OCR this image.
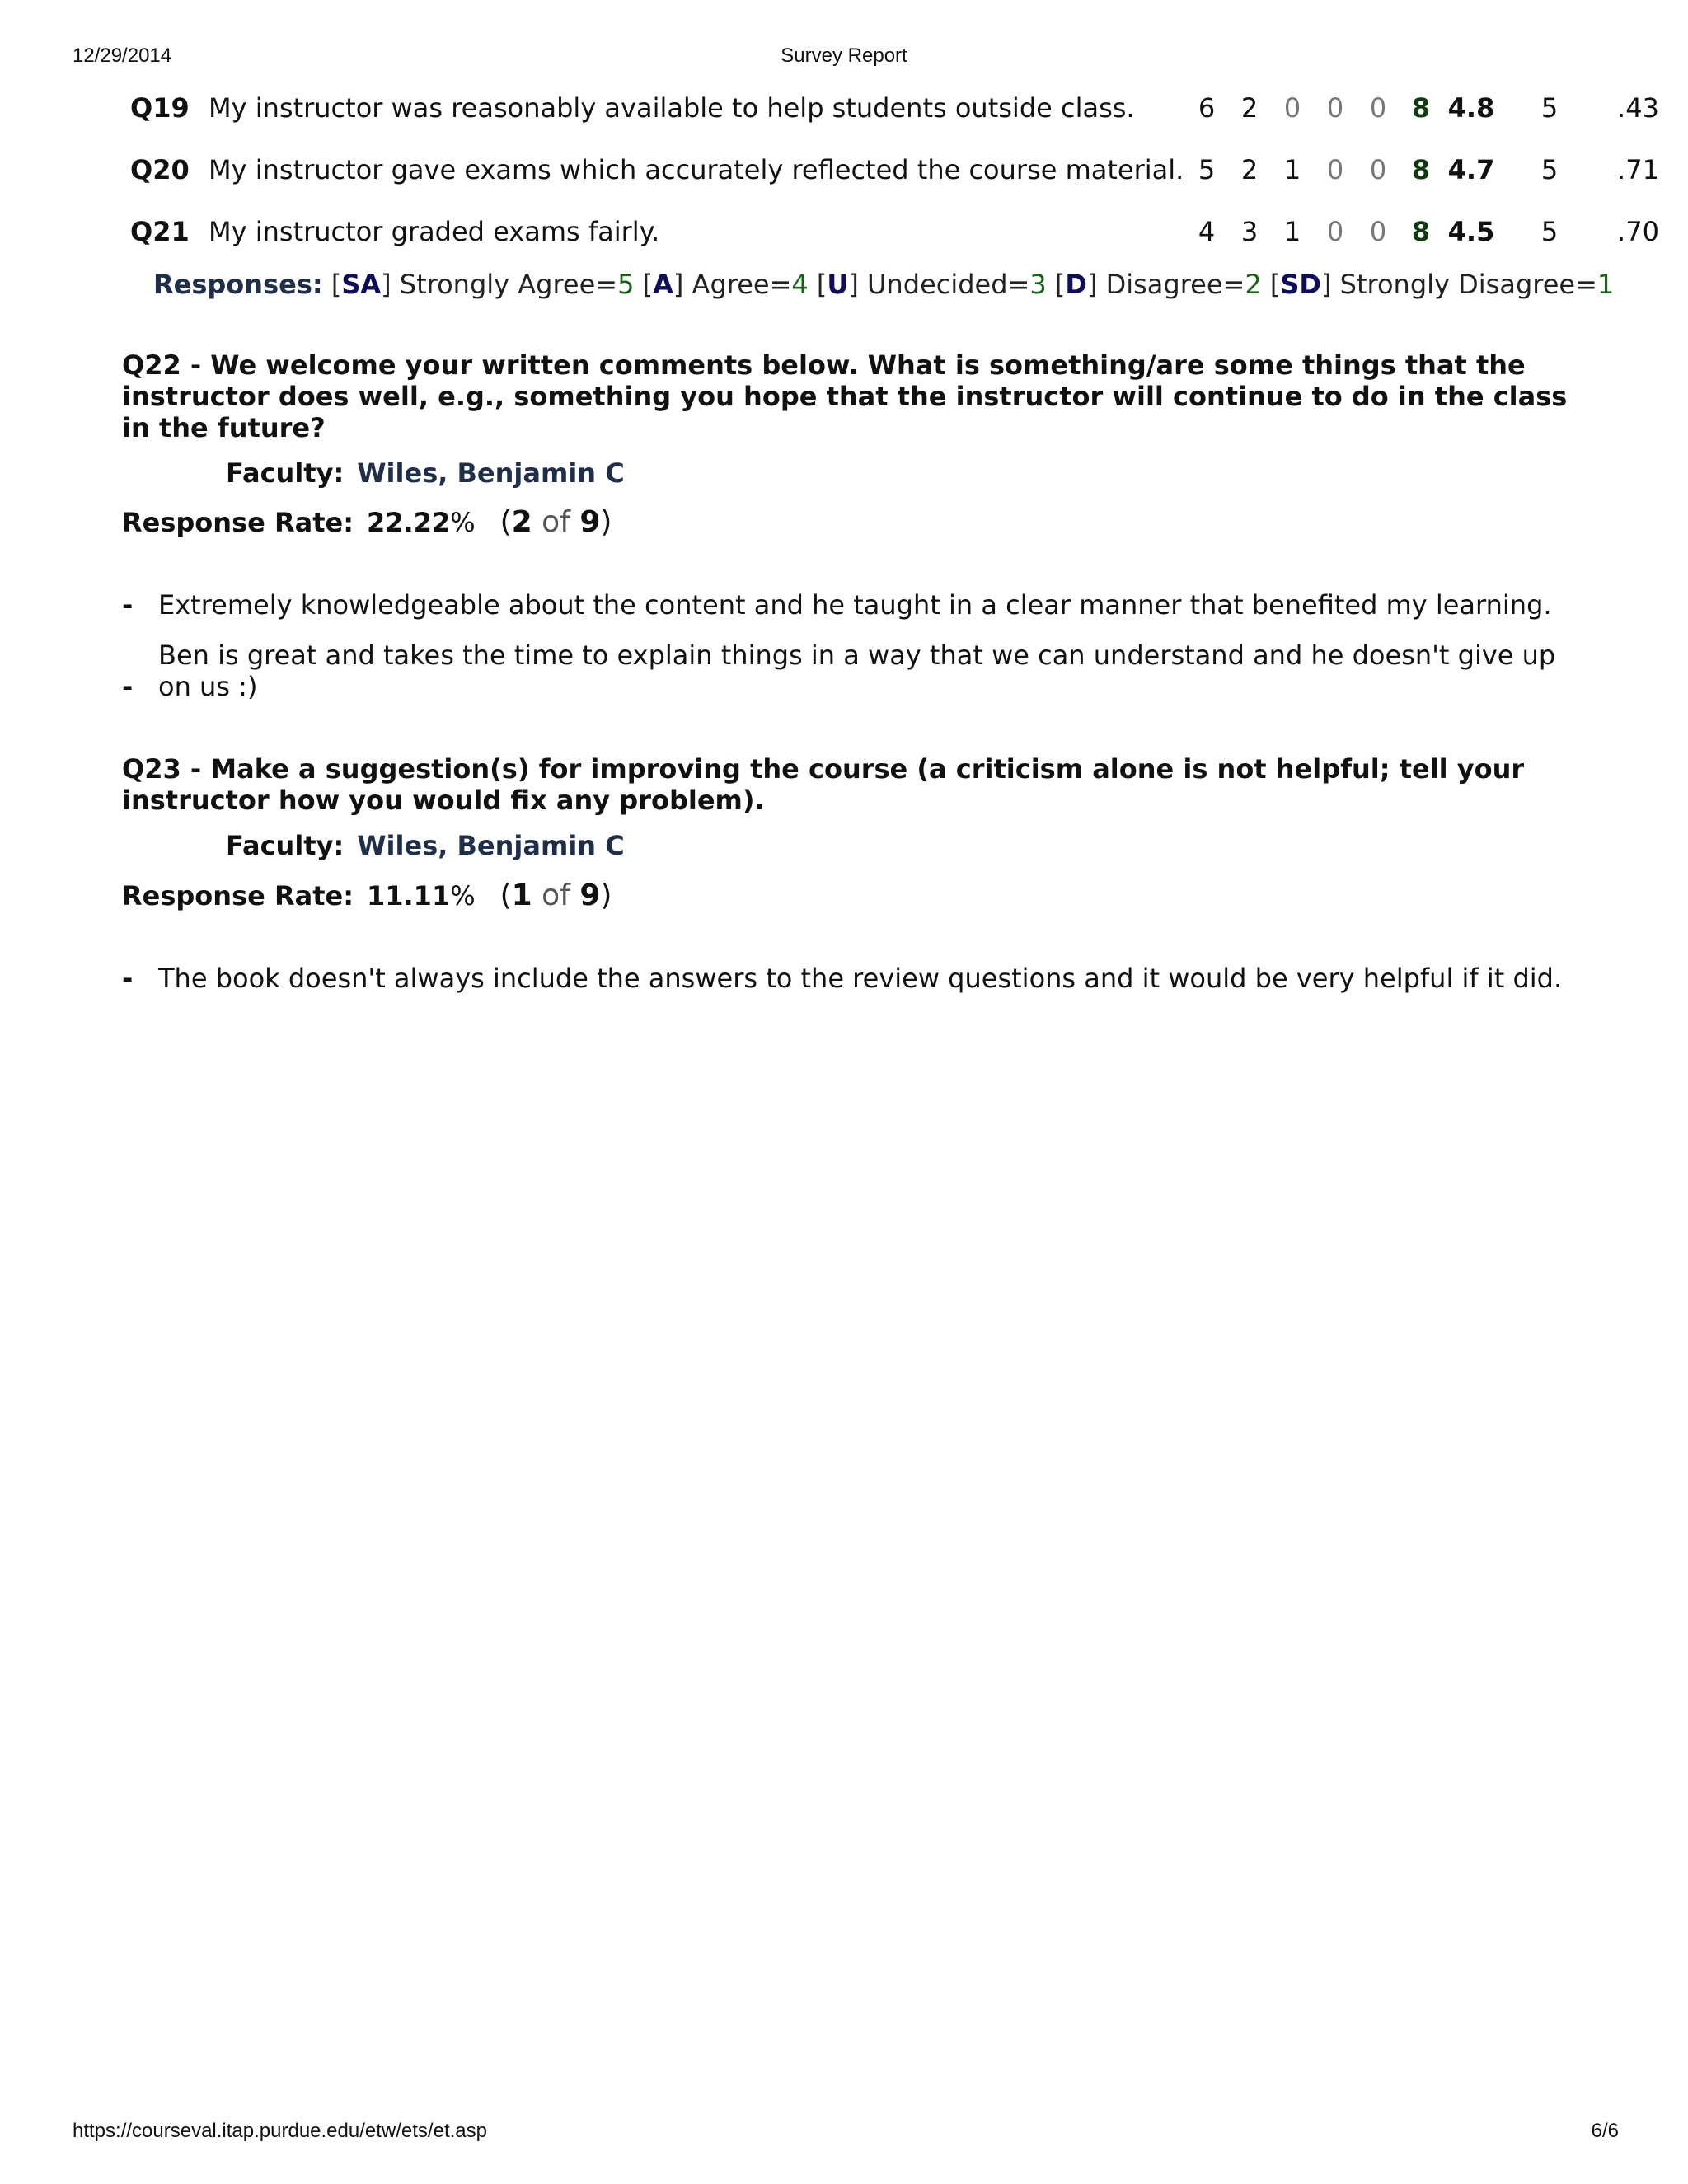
12/29/2014	Survey Report
Q19	My instructor was reasonably available to help students outside class.	6	2	0	0	0	8	4.8	5	.43
Q20	My instructor gave exams which accurately reflected the course material.	5	2	1	0	0	8	4.7	5	.71
Q21	My instructor graded exams fairly.	4	3	1	0	0	8	4.5	5	.70
Responses: [SA] Strongly Agree=5 [A] Agree=4 [U] Undecided=3 [D] Disagree=2 [SD] Strongly Disagree=1
Q22 - We welcome your written comments below. What is something/are some things that the instructor does well, e.g., something you hope that the instructor will continue to do in the class in the future?
Faculty: Wiles, Benjamin C
Response Rate: 22.22% (2 of 9)
- Extremely knowledgeable about the content and he taught in a clear manner that benefited my learning.
-
Ben is great and takes the time to explain things in a way that we can understand and he doesn't give up on us :)
Q23 - Make a suggestion(s) for improving the course (a criticism alone is not helpful; tell your instructor how you would fix any problem).
Faculty: Wiles, Benjamin C
Response Rate: 11.11% (1 of 9)
- The book doesn't always include the answers to the review questions and it would be very helpful if it did.
https://courseval.itap.purdue.edu/etw/ets/et.asp	6/6
